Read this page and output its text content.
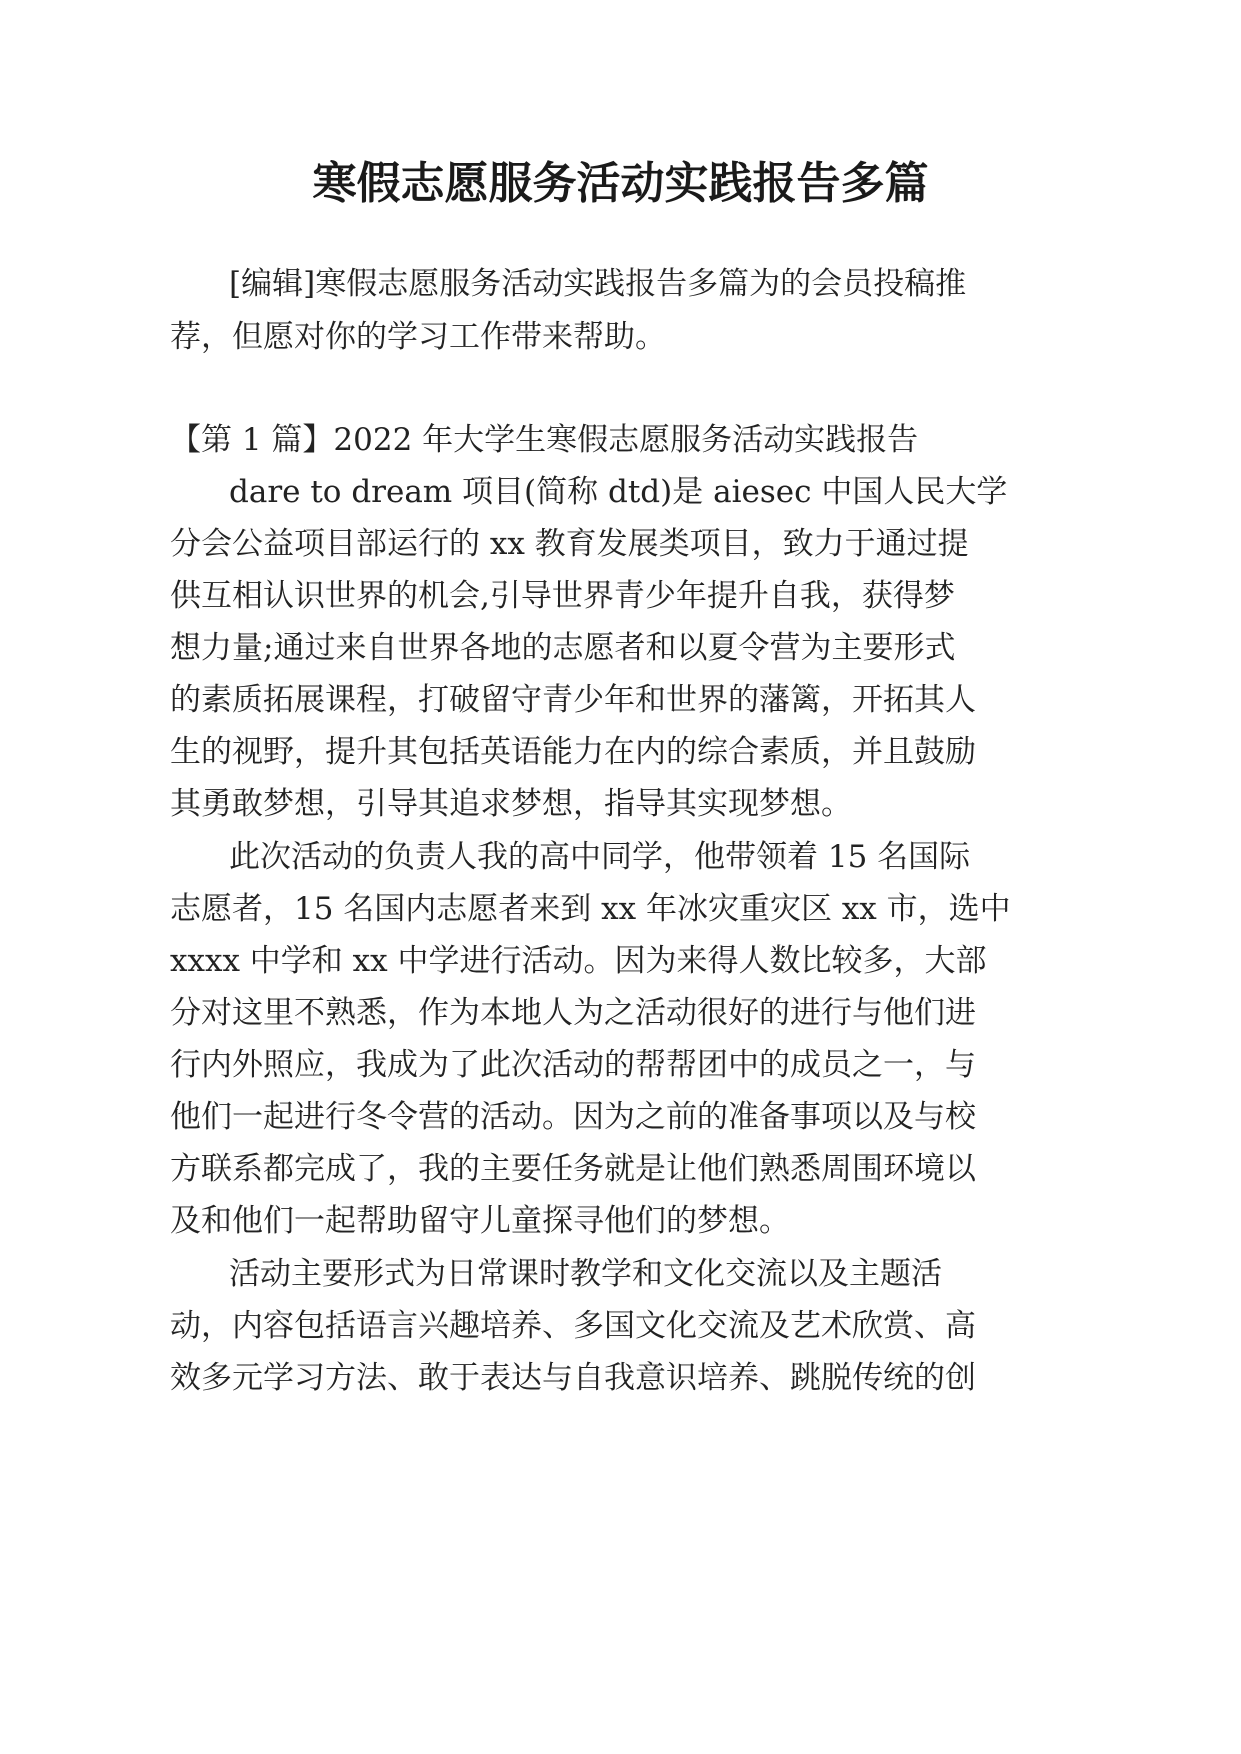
寒假志愿服务活动实践报告多篇
[编辑]寒假志愿服务活动实践报告多篇为的会员投稿推
荐，但愿对你的学习工作带来帮助。
【第 1 篇】2022 年大学生寒假志愿服务活动实践报告
dare to dream 项目(简称 dtd)是 aiesec 中国人民大学
分会公益项目部运行的 xx 教育发展类项目，致力于通过提
供互相认识世界的机会,引导世界青少年提升自我，获得梦
想力量;通过来自世界各地的志愿者和以夏令营为主要形式
的素质拓展课程，打破留守青少年和世界的藩篱，开拓其人
生的视野，提升其包括英语能力在内的综合素质，并且鼓励
其勇敢梦想，引导其追求梦想，指导其实现梦想。
此次活动的负责人我的高中同学，他带领着 15 名国际
志愿者，15 名国内志愿者来到 xx 年冰灾重灾区 xx 市，选中
xxxx 中学和 xx 中学进行活动。因为来得人数比较多，大部
分对这里不熟悉，作为本地人为之活动很好的进行与他们进
行内外照应，我成为了此次活动的帮帮团中的成员之一，与
他们一起进行冬令营的活动。因为之前的准备事项以及与校
方联系都完成了，我的主要任务就是让他们熟悉周围环境以
及和他们一起帮助留守儿童探寻他们的梦想。
活动主要形式为日常课时教学和文化交流以及主题活
动，内容包括语言兴趣培养、多国文化交流及艺术欣赏、高
效多元学习方法、敢于表达与自我意识培养、跳脱传统的创
